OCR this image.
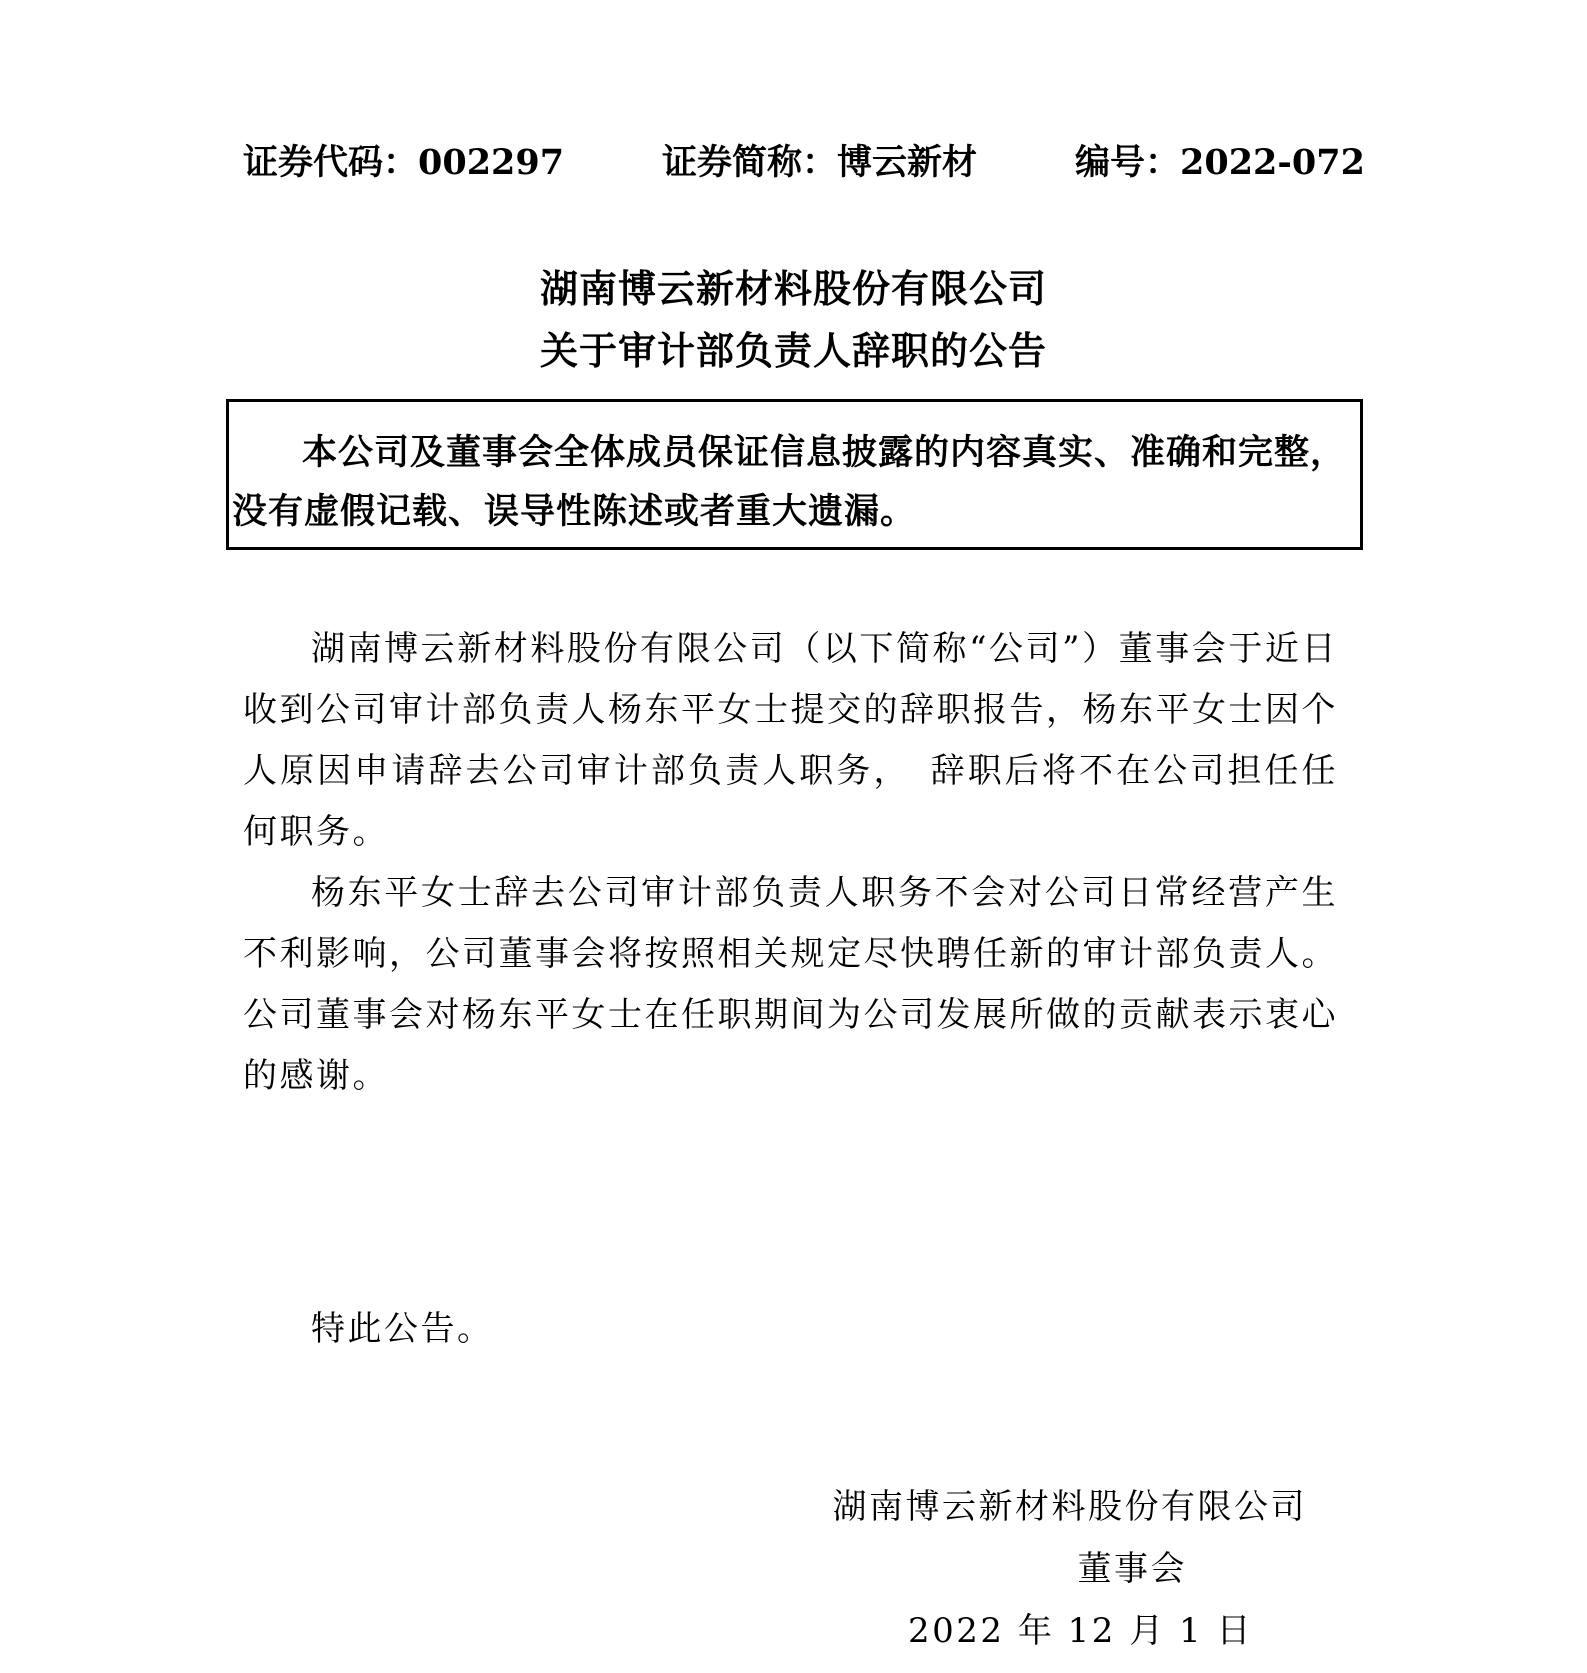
证券代码：002297	证券简称：博云新材	编号：2022-072
湖南博云新材料股份有限公司
关于审计部负责人辞职的公告

本公司及董事会全体成员保证信息披露的内容真实、准确和完整，没有虚假记载、误导性陈述或者重大遗漏。

湖南博云新材料股份有限公司（以下简称“公司”）董事会于近日收到公司审计部负责人杨东平女士提交的辞职报告，杨东平女士因个人原因申请辞去公司审计部负责人职务，　辞职后将不在公司担任任何职务。

杨东平女士辞去公司审计部负责人职务不会对公司日常经营产生不利影响，公司董事会将按照相关规定尽快聘任新的审计部负责人。公司董事会对杨东平女士在任职期间为公司发展所做的贡献表示衷心的感谢。

特此公告。

湖南博云新材料股份有限公司
董事会
2022 年 12 月 1 日
